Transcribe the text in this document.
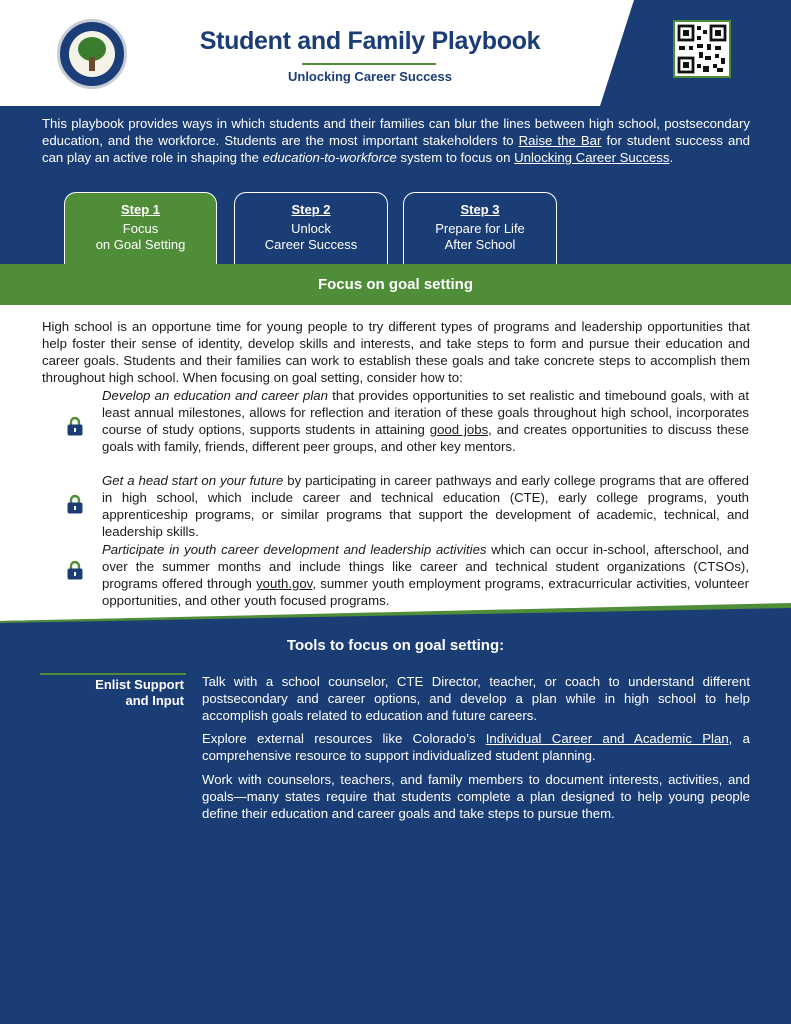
Student and Family Playbook
Unlocking Career Success

This playbook provides ways in which students and their families can blur the lines between high school, postsecondary education, and the workforce. Students are the most important stakeholders to Raise the Bar for student success and can play an active role in shaping the education-to-workforce system to focus on Unlocking Career Success.

Step 1
Focus
on Goal Setting
Step 2
Unlock
Career Success
Step 3
Prepare for Life
After School
Focus on goal setting

High school is an opportune time for young people to try different types of programs and leadership opportunities that help foster their sense of identity, develop skills and interests, and take steps to form and pursue their education and career goals. Students and their families can work to establish these goals and take concrete steps to accomplish them throughout high school. When focusing on goal setting, consider how to:

Develop an education and career plan that provides opportunities to set realistic and timebound goals, with at least annual milestones, allows for reflection and iteration of these goals throughout high school, incorporates course of study options, supports students in attaining good jobs, and creates opportunities to discuss these goals with family, friends, different peer groups, and other key mentors.

Get a head start on your future by participating in career pathways and early college programs that are offered in high school, which include career and technical education (CTE), early college programs, youth apprenticeship programs, or similar programs that support the development of academic, technical, and leadership skills.

Participate in youth career development and leadership activities which can occur in-school, afterschool, and over the summer months and include things like career and technical student organizations (CTSOs), programs offered through youth.gov, summer youth employment programs, extracurricular activities, volunteer opportunities, and other youth focused programs.

Tools to focus on goal setting:
Enlist Support
and Input

Talk with a school counselor, CTE Director, teacher, or coach to understand different postsecondary and career options, and develop a plan while in high school to help accomplish goals related to education and future careers.

Explore external resources like Colorado’s Individual Career and Academic Plan, a comprehensive resource to support individualized student planning.

Work with counselors, teachers, and family members to document interests, activities, and goals—many states require that students complete a plan designed to help young people define their education and career goals and take steps to pursue them.
